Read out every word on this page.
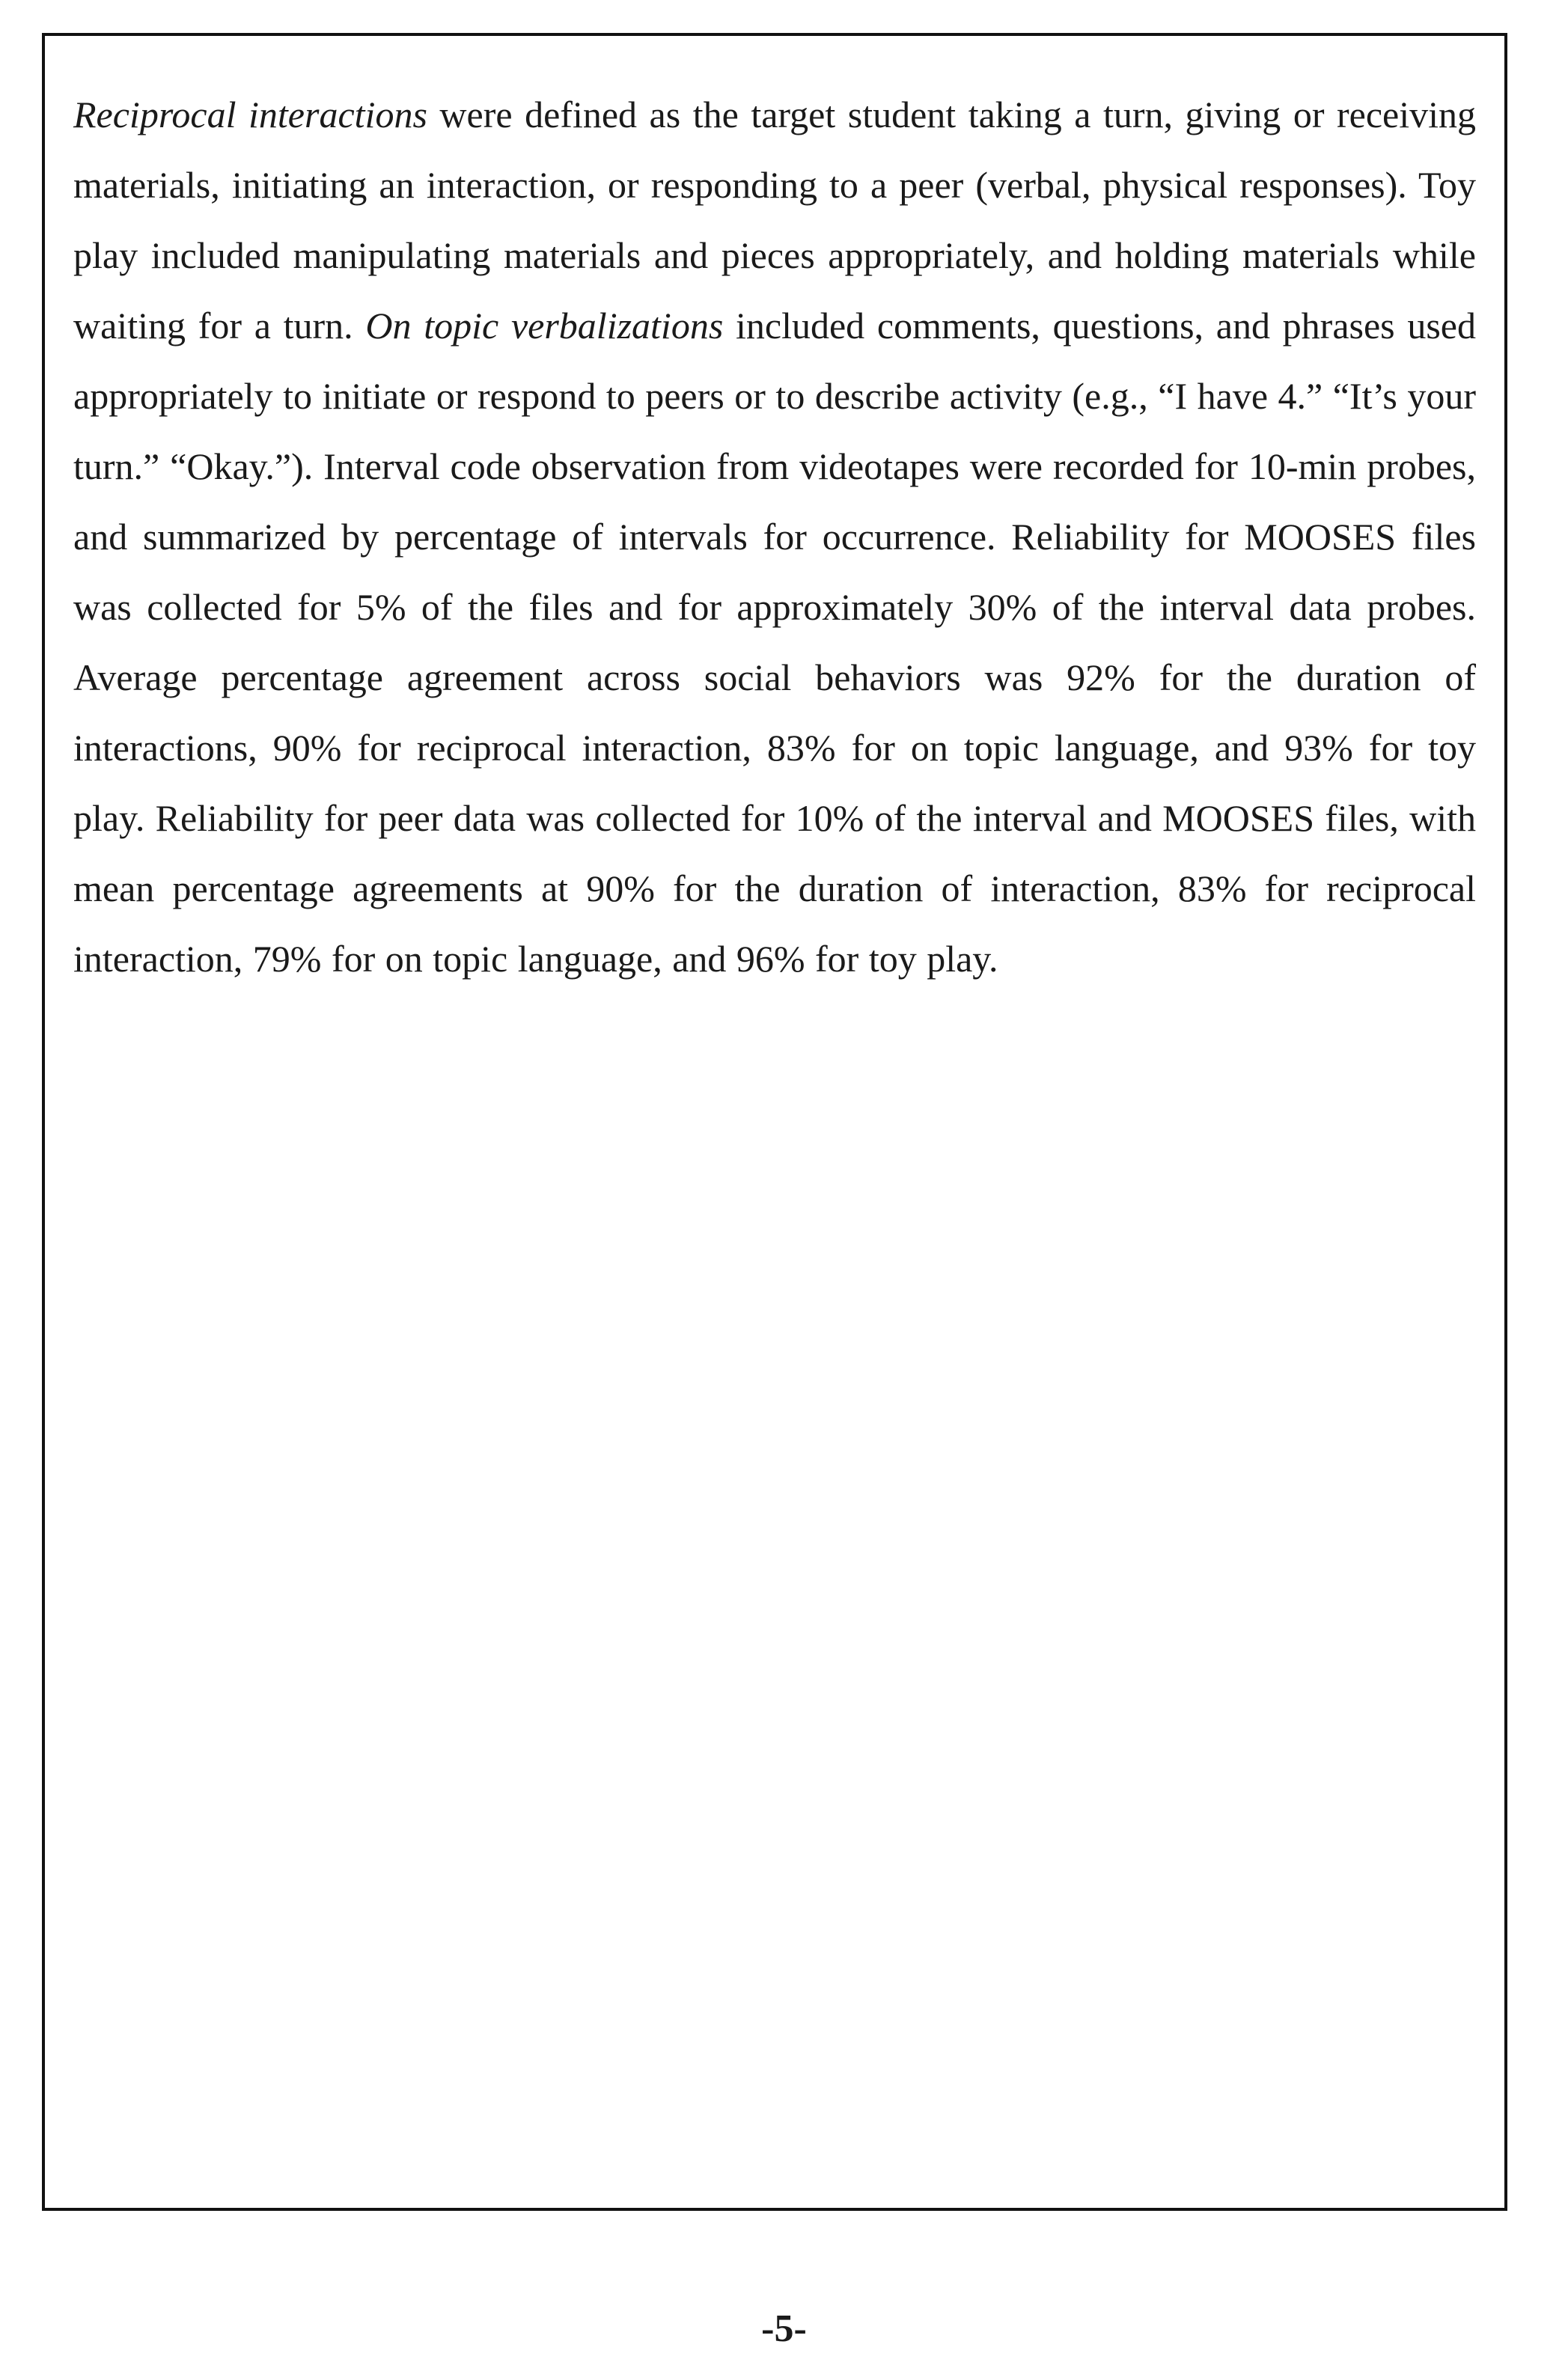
Reciprocal interactions were defined as the target student taking a turn, giving or receiving materials, initiating an interaction, or responding to a peer (verbal, physical responses). Toy play included manipulating materials and pieces appropriately, and holding materials while waiting for a turn. On topic verbalizations included comments, questions, and phrases used appropriately to initiate or respond to peers or to describe activity (e.g., “I have 4.” “It’s your turn.” “Okay.”). Interval code observation from videotapes were recorded for 10-min probes, and summarized by percentage of intervals for occurrence. Reliability for MOOSES files was collected for 5% of the files and for approximately 30% of the interval data probes. Average percentage agreement across social behaviors was 92% for the duration of interactions, 90% for reciprocal interaction, 83% for on topic language, and 93% for toy play. Reliability for peer data was collected for 10% of the interval and MOOSES files, with mean percentage agreements at 90% for the duration of interaction, 83% for reciprocal interaction, 79% for on topic language, and 96% for toy play.

-5-
